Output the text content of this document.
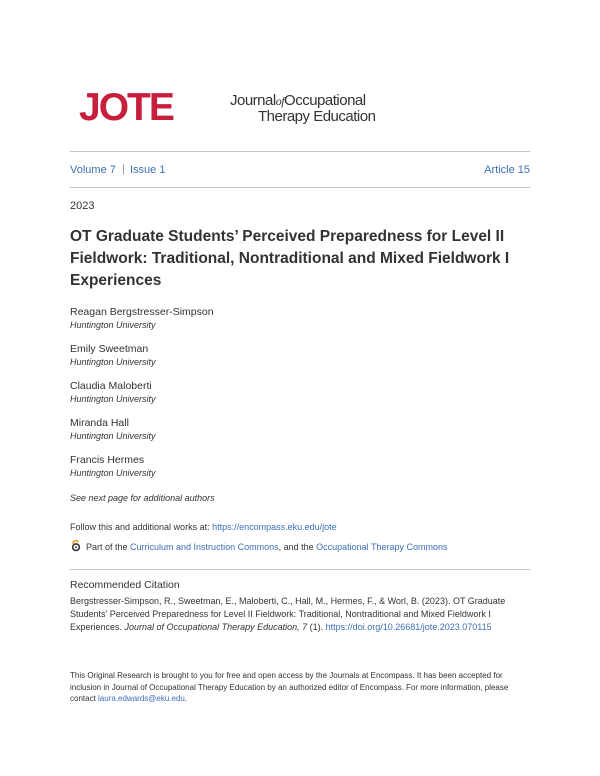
JOTE	JournalofOccupational
Therapy Education
Volume 7 | Issue 1	Article 15
2023
OT Graduate Students’ Perceived Preparedness for Level II Fieldwork: Traditional, Nontraditional and Mixed Fieldwork I Experiences
Reagan Bergstresser-Simpson
Huntington University
Emily Sweetman
Huntington University
Claudia Maloberti
Huntington University
Miranda Hall
Huntington University
Francis Hermes
Huntington University
See next page for additional authors
Follow this and additional works at: https://encompass.eku.edu/jote
Part of the Curriculum and Instruction Commons, and the Occupational Therapy Commons
Recommended Citation
Bergstresser-Simpson, R., Sweetman, E., Maloberti, C., Hall, M., Hermes, F., & Worl, B. (2023). OT Graduate Students’ Perceived Preparedness for Level II Fieldwork: Traditional, Nontraditional and Mixed Fieldwork I Experiences. Journal of Occupational Therapy Education, 7 (1). https://doi.org/10.26681/jote.2023.070115
This Original Research is brought to you for free and open access by the Journals at Encompass. It has been accepted for inclusion in Journal of Occupational Therapy Education by an authorized editor of Encompass. For more information, please contact laura.edwards@eku.edu.
